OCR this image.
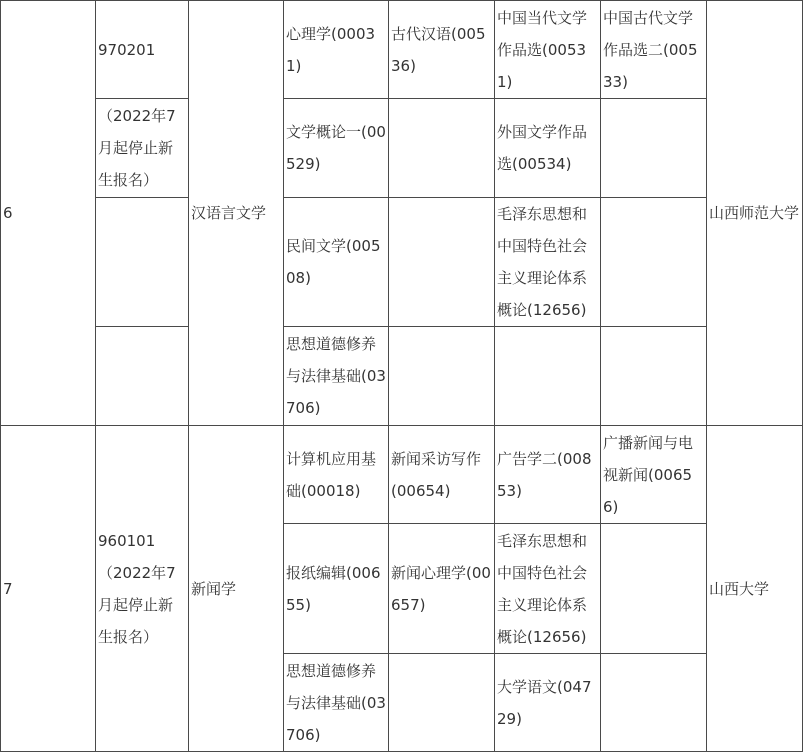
6
970201
（2022年7月起停止新生报名）
汉语言文学
心理学(00031)
古代汉语(00536)
中国当代文学作品选(00531)
中国古代文学作品选二(00533)
文学概论一(00529)
外国文学作品选(00534)
民间文学(00508)
毛泽东思想和中国特色社会主义理论体系概论(12656)
思想道德修养与法律基础(03706)
山西师范大学
7
960101
（2022年7月起停止新生报名）
新闻学
计算机应用基础(00018)
新闻采访写作(00654)
广告学二(00853)
广播新闻与电视新闻(00656)
报纸编辑(00655)
新闻心理学(00657)
毛泽东思想和中国特色社会主义理论体系概论(12656)
思想道德修养与法律基础(03706)
大学语文(04729)
山西大学
